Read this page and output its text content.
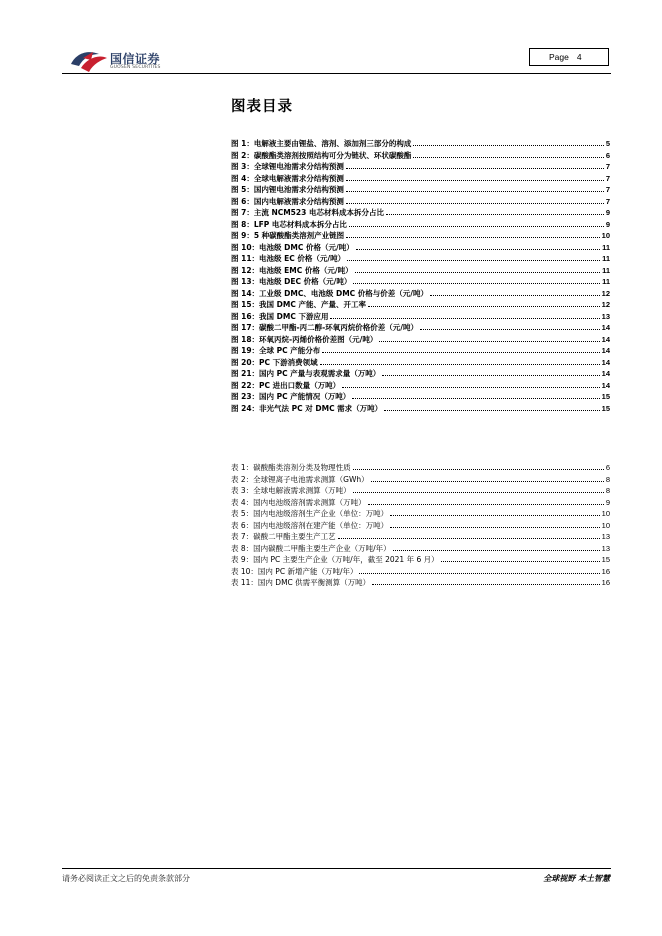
国信证券
GUOSEN SECURITIES
Page 4
图表目录
图 1：电解液主要由锂盐、溶剂、添加剂三部分的构成	5
图 2：碳酸酯类溶剂按照结构可分为链状、环状碳酸酯	6
图 3：全球锂电池需求分结构预测	7
图 4：全球电解液需求分结构预测	7
图 5：国内锂电池需求分结构预测	7
图 6：国内电解液需求分结构预测	7
图 7：主流 NCM523 电芯材料成本拆分占比	9
图 8：LFP 电芯材料成本拆分占比	9
图 9：5 种碳酸酯类溶剂产业链图	10
图 10：电池级 DMC 价格（元/吨）	11
图 11：电池级 EC 价格（元/吨）	11
图 12：电池级 EMC 价格（元/吨）	11
图 13：电池级 DEC 价格（元/吨）	11
图 14：工业级 DMC、电池级 DMC 价格与价差（元/吨）	12
图 15：我国 DMC 产能、产量、开工率	12
图 16：我国 DMC 下游应用	13
图 17：碳酸二甲酯-丙二醇-环氧丙烷价格价差（元/吨）	14
图 18：环氧丙烷-丙烯价格价差图（元/吨）	14
图 19：全球 PC 产能分布	14
图 20：PC 下游消费领域	14
图 21：国内 PC 产量与表观需求量（万吨）	14
图 22：PC 进出口数量（万吨）	14
图 23：国内 PC 产能情况（万吨）	15
图 24：非光气法 PC 对 DMC 需求（万吨）	15
表 1：碳酸酯类溶剂分类及物理性质	6
表 2：全球锂离子电池需求测算（GWh）	8
表 3：全球电解液需求测算（万吨）	8
表 4：国内电池级溶剂需求测算（万吨）	9
表 5：国内电池级溶剂生产企业（单位：万吨）	10
表 6：国内电池级溶剂在建产能（单位：万吨）	10
表 7：碳酸二甲酯主要生产工艺	13
表 8：国内碳酸二甲酯主要生产企业（万吨/年）	13
表 9：国内 PC 主要生产企业（万吨/年，截至 2021 年 6 月）	15
表 10：国内 PC 新增产能（万吨/年）	16
表 11：国内 DMC 供需平衡测算（万吨）	16
请务必阅读正文之后的免责条款部分	全球视野 本土智慧
